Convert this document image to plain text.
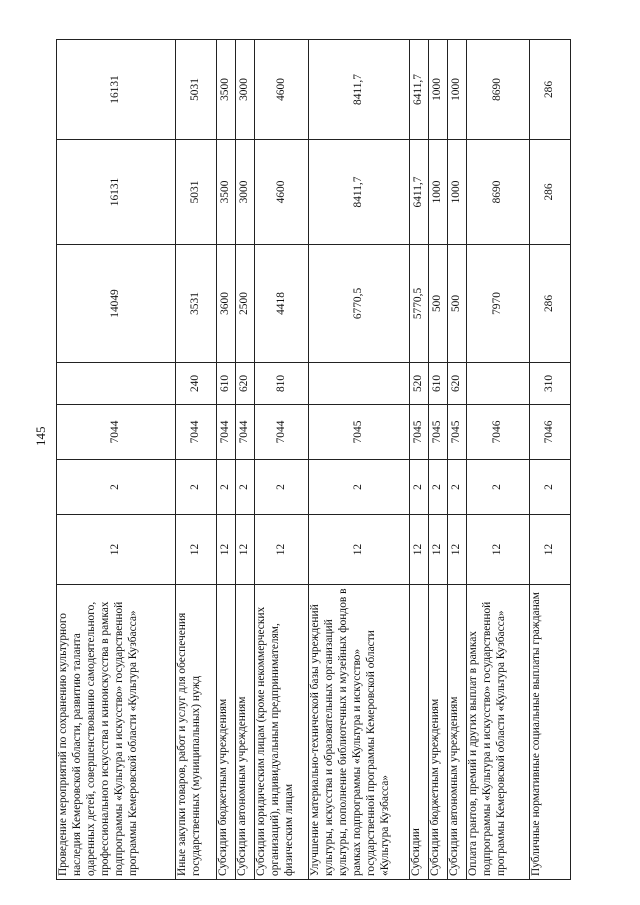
145
Проведение мероприятий по сохранению культурного наследия Кемеровской области, развитию таланта одаренных детей, совершенствованию самодеятельного, профессионального искусства и киноискусства в рамках подпрограммы «Культура и искусство» государственной программы Кемеровской области «Культура Кузбасса»	12	2	7044		14049	16131	16131
Иные закупки товаров, работ и услуг для обеспечения государственных (муниципальных) нужд	12	2	7044	240	3531	5031	5031
Субсидии бюджетным учреждениям	12	2	7044	610	3600	3500	3500
Субсидии автономным учреждениям	12	2	7044	620	2500	3000	3000
Субсидии юридическим лицам (кроме некоммерческих организаций), индивидуальным предпринимателям, физическим лицам	12	2	7044	810	4418	4600	4600
Улучшение материально-технической базы учреждений культуры, искусства и образовательных организаций культуры, пополнение библиотечных и музейных фондов в рамках подпрограммы «Культура и искусство» государственной программы Кемеровской области «Культура Кузбасса»	12	2	7045		6770,5	8411,7	8411,7
Субсидии	12	2	7045	520	5770,5	6411,7	6411,7
Субсидии бюджетным учреждениям	12	2	7045	610	500	1000	1000
Субсидии автономным учреждениям	12	2	7045	620	500	1000	1000
Оплата грантов, премий и других выплат в рамках подпрограммы «Культура и искусство» государственной программы Кемеровской области «Культура Кузбасса»	12	2	7046		7970	8690	8690
Публичные нормативные социальные выплаты гражданам	12	2	7046	310	286	286	286
